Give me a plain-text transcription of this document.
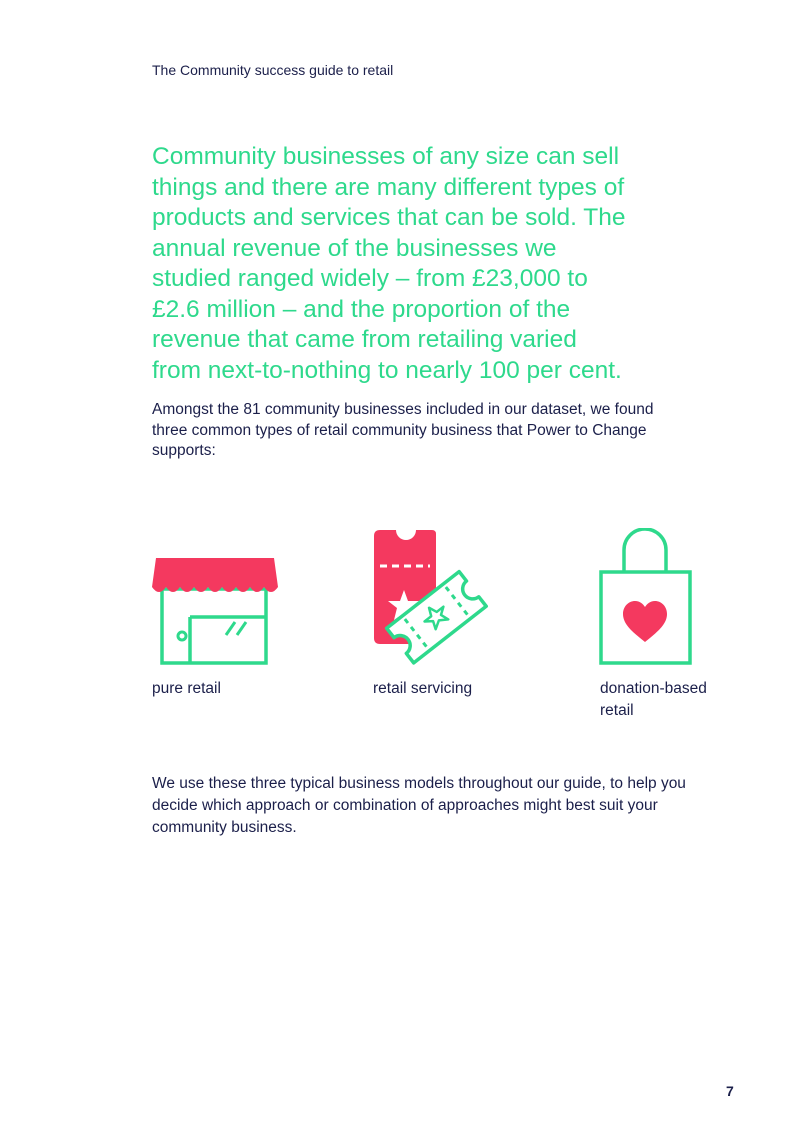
The Community success guide to retail

Community businesses of any size can sell things and there are many different types of products and services that can be sold. The annual revenue of the businesses we studied ranged widely – from £23,000 to £2.6 million – and the proportion of the revenue that came from retailing varied from next-to-nothing to nearly 100 per cent.

Amongst the 81 community businesses included in our dataset, we found three common types of retail community business that Power to Change supports:

pure retail	retail servicing	donation-based retail

We use these three typical business models throughout our guide, to help you decide which approach or combination of approaches might best suit your community business.

7
